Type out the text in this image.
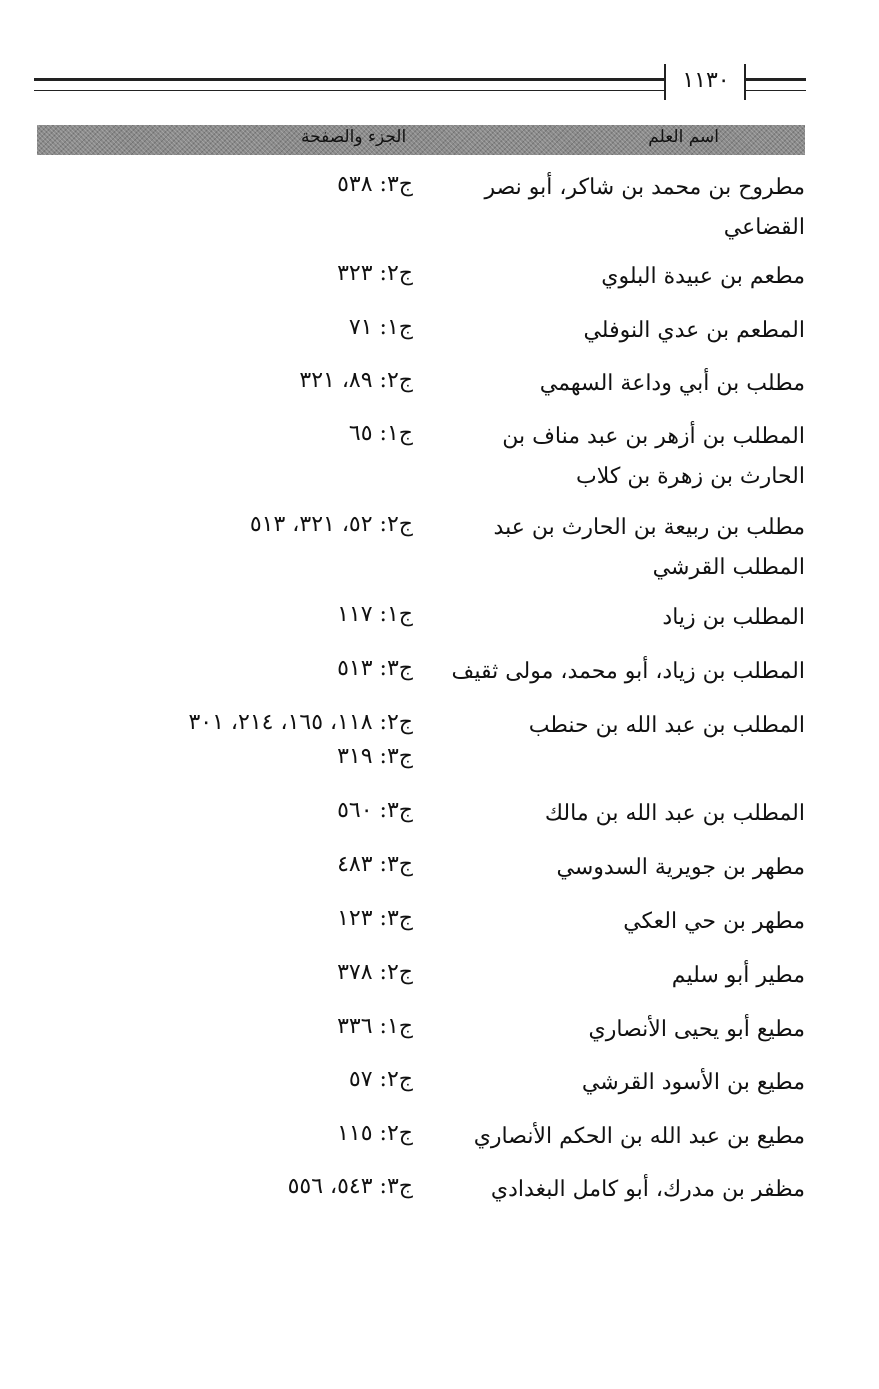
١١٣٠
اسم العلم
الجزء والصفحة
مطروح بن محمد بن شاكر، أبو نصر القضاعي
ج٣: ٥٣٨
مطعم بن عبيدة البلوي
ج٢: ٣٢٣
المطعم بن عدي النوفلي
ج١: ٧١
مطلب بن أبي وداعة السهمي
ج٢: ٨٩، ٣٢١
المطلب بن أزهر بن عبد مناف بن الحارث بن زهرة بن كلاب
ج١: ٦٥
مطلب بن ربيعة بن الحارث بن عبد المطلب القرشي
ج٢: ٥٢، ٣٢١، ٥١٣
المطلب بن زياد
ج١: ١١٧
المطلب بن زياد، أبو محمد، مولى ثقيف
ج٣: ٥١٣
المطلب بن عبد الله بن حنطب
ج٢: ١١٨، ١٦٥، ٢١٤، ٣٠١
ج٣: ٣١٩
المطلب بن عبد الله بن مالك
ج٣: ٥٦٠
مطهر بن جويرية السدوسي
ج٣: ٤٨٣
مطهر بن حي العكي
ج٣: ١٢٣
مطير أبو سليم
ج٢: ٣٧٨
مطيع أبو يحيى الأنصاري
ج١: ٣٣٦
مطيع بن الأسود القرشي
ج٢: ٥٧
مطيع بن عبد الله بن الحكم الأنصاري
ج٢: ١١٥
مظفر بن مدرك، أبو كامل البغدادي
ج٣: ٥٤٣، ٥٥٦
